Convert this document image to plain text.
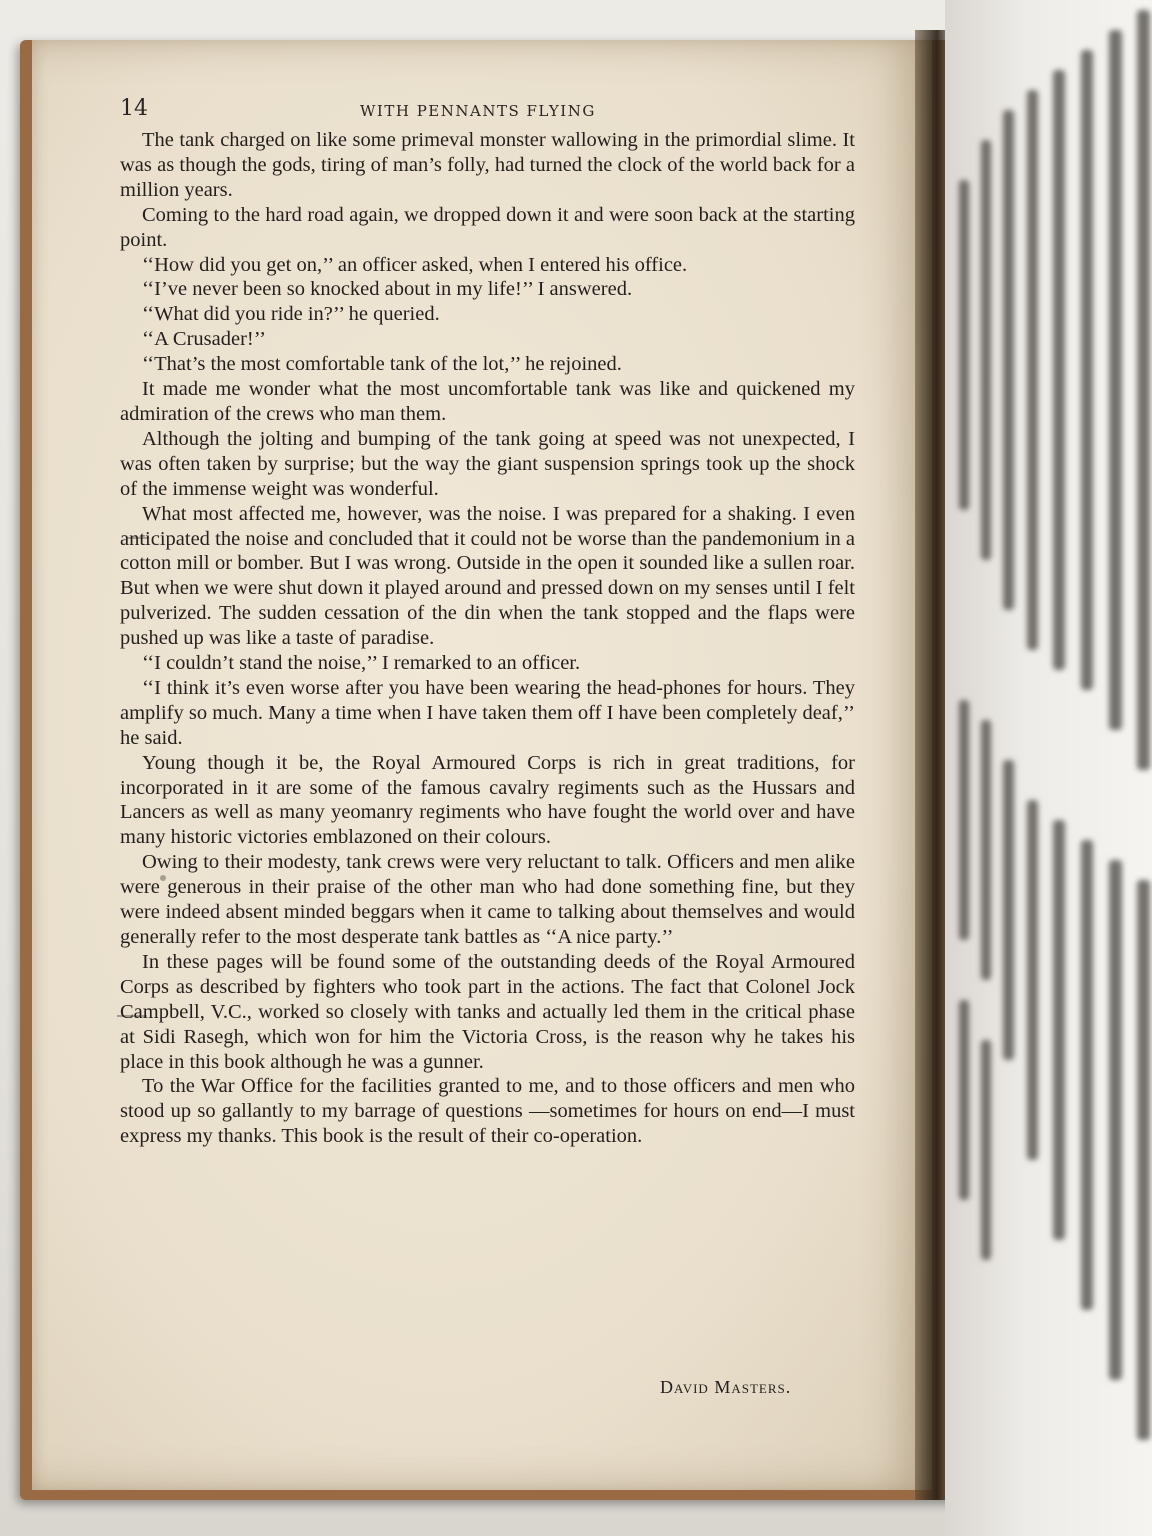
14	WITH PENNANTS FLYING

The tank charged on like some primeval monster wallowing in the primordial slime. It was as though the gods, tiring of man’s folly, had turned the clock of the world back for a million years.

Coming to the hard road again, we dropped down it and were soon back at the starting point.

‘‘How did you get on,’’ an officer asked, when I entered his office.

‘‘I’ve never been so knocked about in my life!’’ I answered.

‘‘What did you ride in?’’ he queried.

‘‘A Crusader!’’

‘‘That’s the most comfortable tank of the lot,’’ he rejoined.

It made me wonder what the most uncomfortable tank was like and quickened my admiration of the crews who man them.

Although the jolting and bumping of the tank going at speed was not unexpected, I was often taken by surprise; but the way the giant suspension springs took up the shock of the immense weight was wonderful.

What most affected me, however, was the noise. I was prepared for a shaking. I even anticipated the noise and concluded that it could not be worse than the pandemonium in a cotton mill or bomber. But I was wrong. Outside in the open it sounded like a sullen roar. But when we were shut down it played around and pressed down on my senses until I felt pulverized. The sudden cessation of the din when the tank stopped and the flaps were pushed up was like a taste of paradise.

‘‘I couldn’t stand the noise,’’ I remarked to an officer.

‘‘I think it’s even worse after you have been wearing the head-phones for hours. They amplify so much. Many a time when I have taken them off I have been completely deaf,’’ he said.

Young though it be, the Royal Armoured Corps is rich in great traditions, for incorporated in it are some of the famous cavalry regiments such as the Hussars and Lancers as well as many yeomanry regiments who have fought the world over and have many historic victories emblazoned on their colours.

Owing to their modesty, tank crews were very reluctant to talk. Officers and men alike were generous in their praise of the other man who had done something fine, but they were indeed absent minded beggars when it came to talking about themselves and would generally refer to the most desperate tank battles as ‘‘A nice party.’’

In these pages will be found some of the outstanding deeds of the Royal Armoured Corps as described by fighters who took part in the actions. The fact that Colonel Jock Campbell, V.C., worked so closely with tanks and actually led them in the critical phase at Sidi Rasegh, which won for him the Victoria Cross, is the reason why he takes his place in this book although he was a gunner.

To the War Office for the facilities granted to me, and to those officers and men who stood up so gallantly to my barrage of questions —sometimes for hours on end—I must express my thanks. This book is the result of their co-operation.

David Masters.
